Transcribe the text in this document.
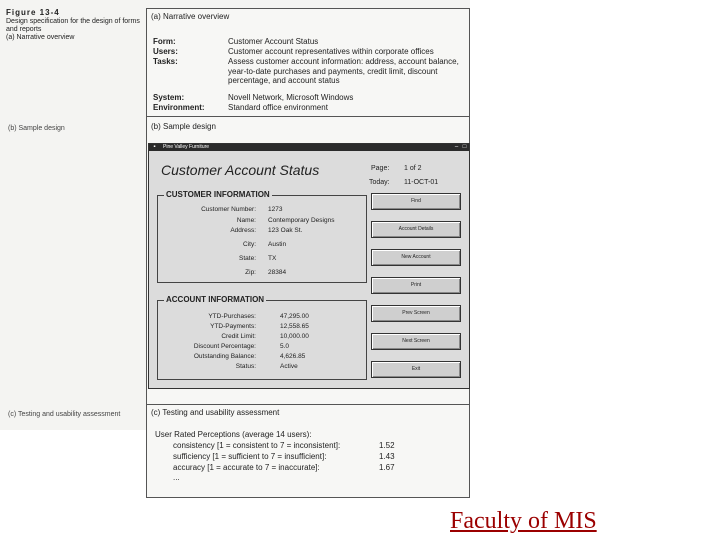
Figure 13-4
Design specification for the design of forms and reports
(a) Narrative overview
(b) Sample design
(c) Testing and usability assessment
(a) Narrative overview
Form:	Customer Account Status
Users:	Customer account representatives within corporate offices
Tasks:	Assess customer account information: address, account balance, year-to-date purchases and payments, credit limit, discount percentage, and account status
System:	Novell Network, Microsoft Windows
Environment:	Standard office environment
(b) Sample design
Pine Valley Furniture
▪	– □
Customer Account Status	Page: 1 of 2
Today: 11-OCT-01
CUSTOMER INFORMATION
Customer Number: 1273
Name: Contemporary Designs
Address: 123 Oak St.
City: Austin
State: TX
Zip: 28384
ACCOUNT INFORMATION
YTD-Purchases:	47,295.00
YTD-Payments:	12,558.65
Credit Limit:	10,000.00
Discount Percentage:	5.0
Outstanding Balance:	4,626.85
Status:	Active
Find
Account Details
New Account
Print
Prev Screen
Next Screen
Exit
(c) Testing and usability assessment
User Rated Perceptions (average 14 users):
consistency [1 = consistent to 7 = inconsistent]:	1.52
sufficiency [1 = sufficient to 7 = insufficient]:	1.43
accuracy [1 = accurate to 7 = inaccurate]:	1.67
...
Faculty of MIS
